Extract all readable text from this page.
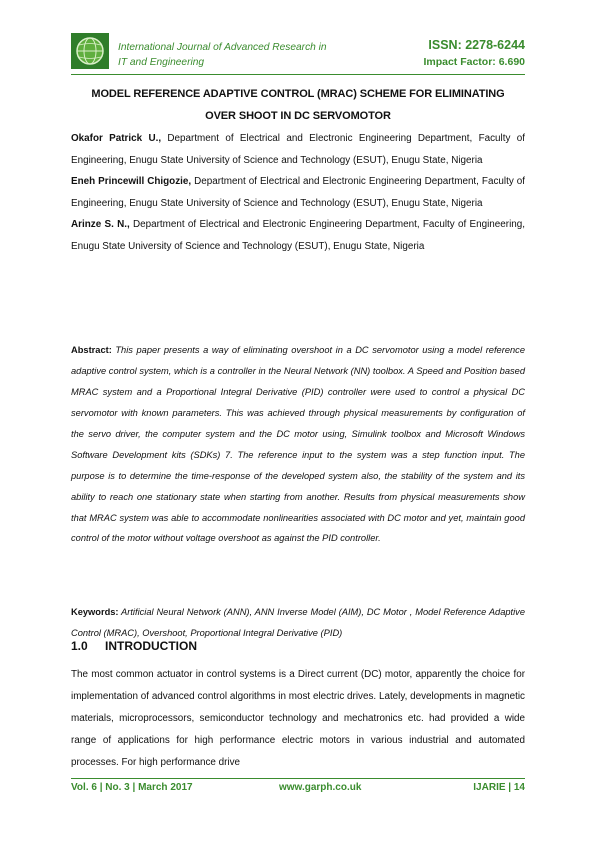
International Journal of Advanced Research in
IT and Engineering
ISSN: 2278-6244
Impact Factor: 6.690
MODEL REFERENCE ADAPTIVE CONTROL (MRAC) SCHEME FOR ELIMINATING
OVER SHOOT IN DC SERVOMOTOR

Okafor Patrick U., Department of Electrical and Electronic Engineering Department, Faculty of Engineering, Enugu State University of Science and Technology (ESUT), Enugu State, Nigeria

Eneh Princewill Chigozie, Department of Electrical and Electronic Engineering Department, Faculty of Engineering, Enugu State University of Science and Technology (ESUT), Enugu State, Nigeria

Arinze S. N., Department of Electrical and Electronic Engineering Department, Faculty of Engineering, Enugu State University of Science and Technology (ESUT), Enugu State, Nigeria

Abstract: This paper presents a way of eliminating overshoot in a DC servomotor using a model reference adaptive control system, which is a controller in the Neural Network (NN) toolbox. A Speed and Position based MRAC system and a Proportional Integral Derivative (PID) controller were used to control a physical DC servomotor with known parameters. This was achieved through physical measurements by configuration of the servo driver, the computer system and the DC motor using, Simulink toolbox and Microsoft Windows Software Development kits (SDKs) 7. The reference input to the system was a step function input. The purpose is to determine the time-response of the developed system also, the stability of the system and its ability to reach one stationary state when starting from another. Results from physical measurements show that MRAC system was able to accommodate nonlinearities associated with DC motor and yet, maintain good control of the motor without voltage overshoot as against the PID controller.

Keywords: Artificial Neural Network (ANN), ANN Inverse Model (AIM), DC Motor , Model Reference Adaptive Control (MRAC), Overshoot, Proportional Integral Derivative (PID)

1.0 INTRODUCTION

The most common actuator in control systems is a Direct current (DC) motor, apparently the choice for implementation of advanced control algorithms in most electric drives. Lately, developments in magnetic materials, microprocessors, semiconductor technology and mechatronics etc. had provided a wide range of applications for high performance electric motors in various industrial and automated processes. For high performance drive

Vol. 6 | No. 3 | March 2017	www.garph.co.uk	IJARIE | 14
